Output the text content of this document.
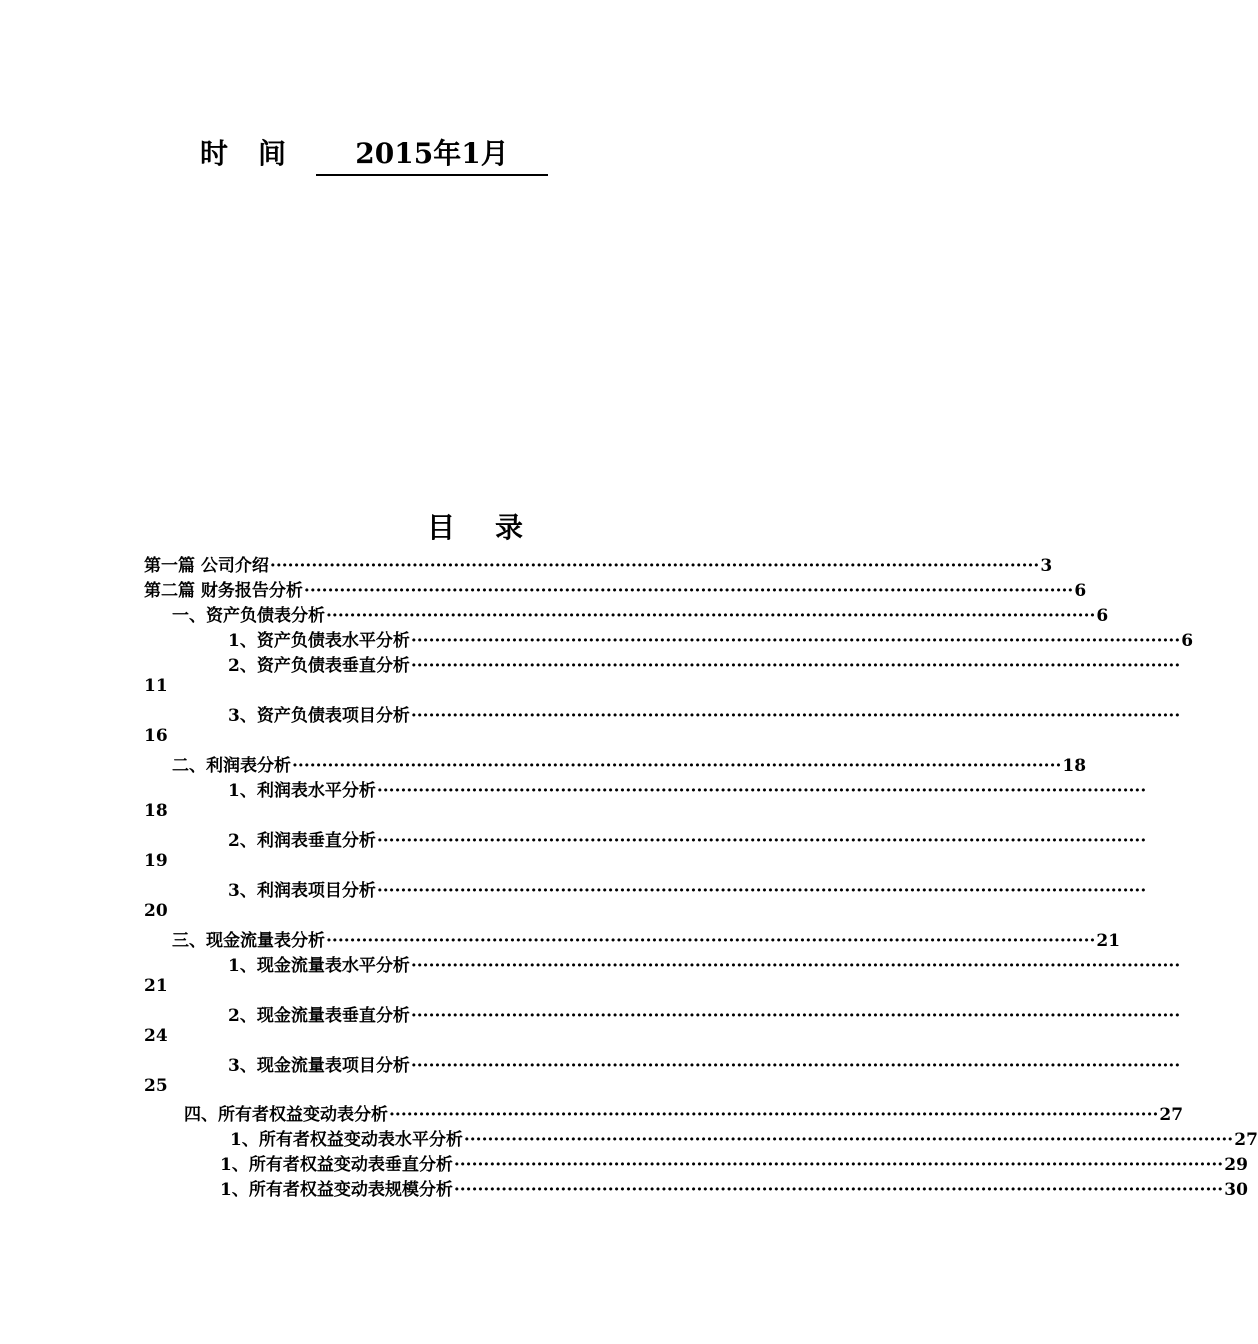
时间	2015年1月
目录
第一篇 公司介绍 ·································································································································· 3
第二篇 财务报告分析 ·································································································································· 6
一、资产负债表分析 ·································································································································· 6
1、资产负债表水平分析 ·································································································································· 6
2、资产负债表垂直分析 ··································································································································
11
3、资产负债表项目分析 ··································································································································
16
二、利润表分析 ·································································································································· 18
1、利润表水平分析 ··································································································································
18
2、利润表垂直分析 ··································································································································
19
3、利润表项目分析 ··································································································································
20
三、现金流量表分析 ·································································································································· 21
1、现金流量表水平分析 ··································································································································
21
2、现金流量表垂直分析 ··································································································································
24
3、现金流量表项目分析 ··································································································································
25
四、所有者权益变动表分析 ·································································································································· 27
1、所有者权益变动表水平分析 ·································································································································· 27
1、所有者权益变动表垂直分析 ·································································································································· 29
1、所有者权益变动表规模分析 ·································································································································· 30
